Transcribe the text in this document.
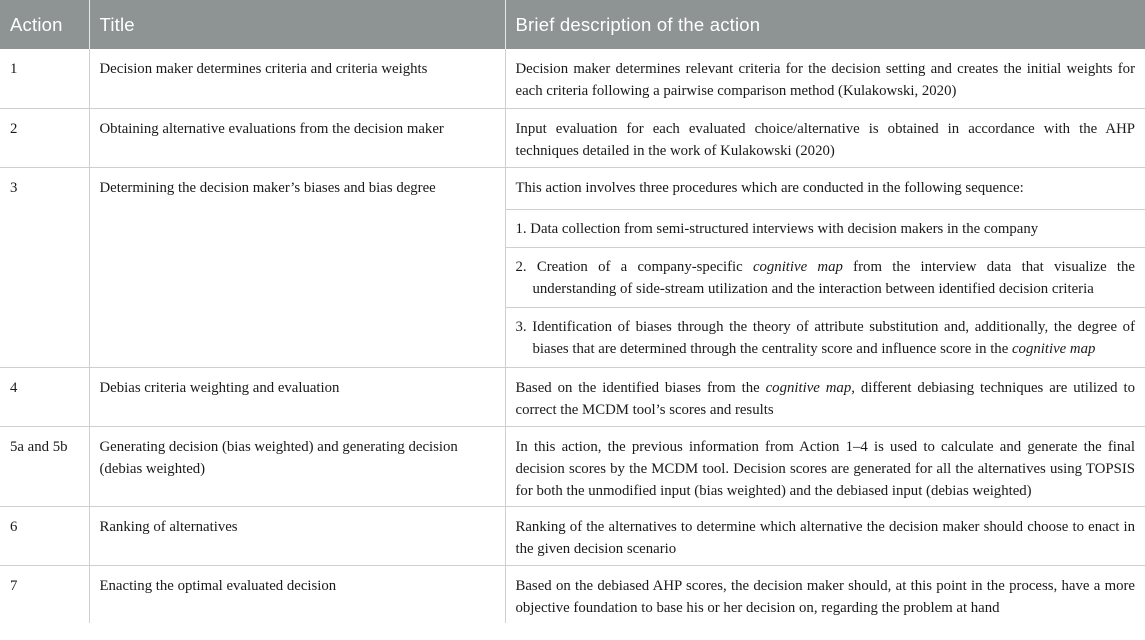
Action	Title	Brief description of the action
1	Decision maker determines criteria and criteria weights	Decision maker determines relevant criteria for the decision setting and creates the initial weights for each criteria following a pairwise comparison method (Kulakowski, 2020)
2	Obtaining alternative evaluations from the decision maker	Input evaluation for each evaluated choice/alternative is obtained in accordance with the AHP techniques detailed in the work of Kulakowski (2020)
3	Determining the decision maker’s biases and bias degree	This action involves three procedures which are conducted in the following sequence:
1. Data collection from semi-structured interviews with decision makers in the company
2. Creation of a company-specific cognitive map from the interview data that visualize the understanding of side-stream utilization and the interaction between identified decision criteria
3. Identification of biases through the theory of attribute substitution and, additionally, the degree of biases that are determined through the centrality score and influence score in the cognitive map

4	Debias criteria weighting and evaluation	Based on the identified biases from the cognitive map, different debiasing techniques are utilized to correct the MCDM tool’s scores and results
5a and 5b	Generating decision (bias weighted) and generating decision (debias weighted)	In this action, the previous information from Action 1–4 is used to calculate and generate the final decision scores by the MCDM tool. Decision scores are generated for all the alternatives using TOPSIS for both the unmodified input (bias weighted) and the debiased input (debias weighted)
6	Ranking of alternatives	Ranking of the alternatives to determine which alternative the decision maker should choose to enact in the given decision scenario
7	Enacting the optimal evaluated decision	Based on the debiased AHP scores, the decision maker should, at this point in the process, have a more objective foundation to base his or her decision on, regarding the problem at hand
